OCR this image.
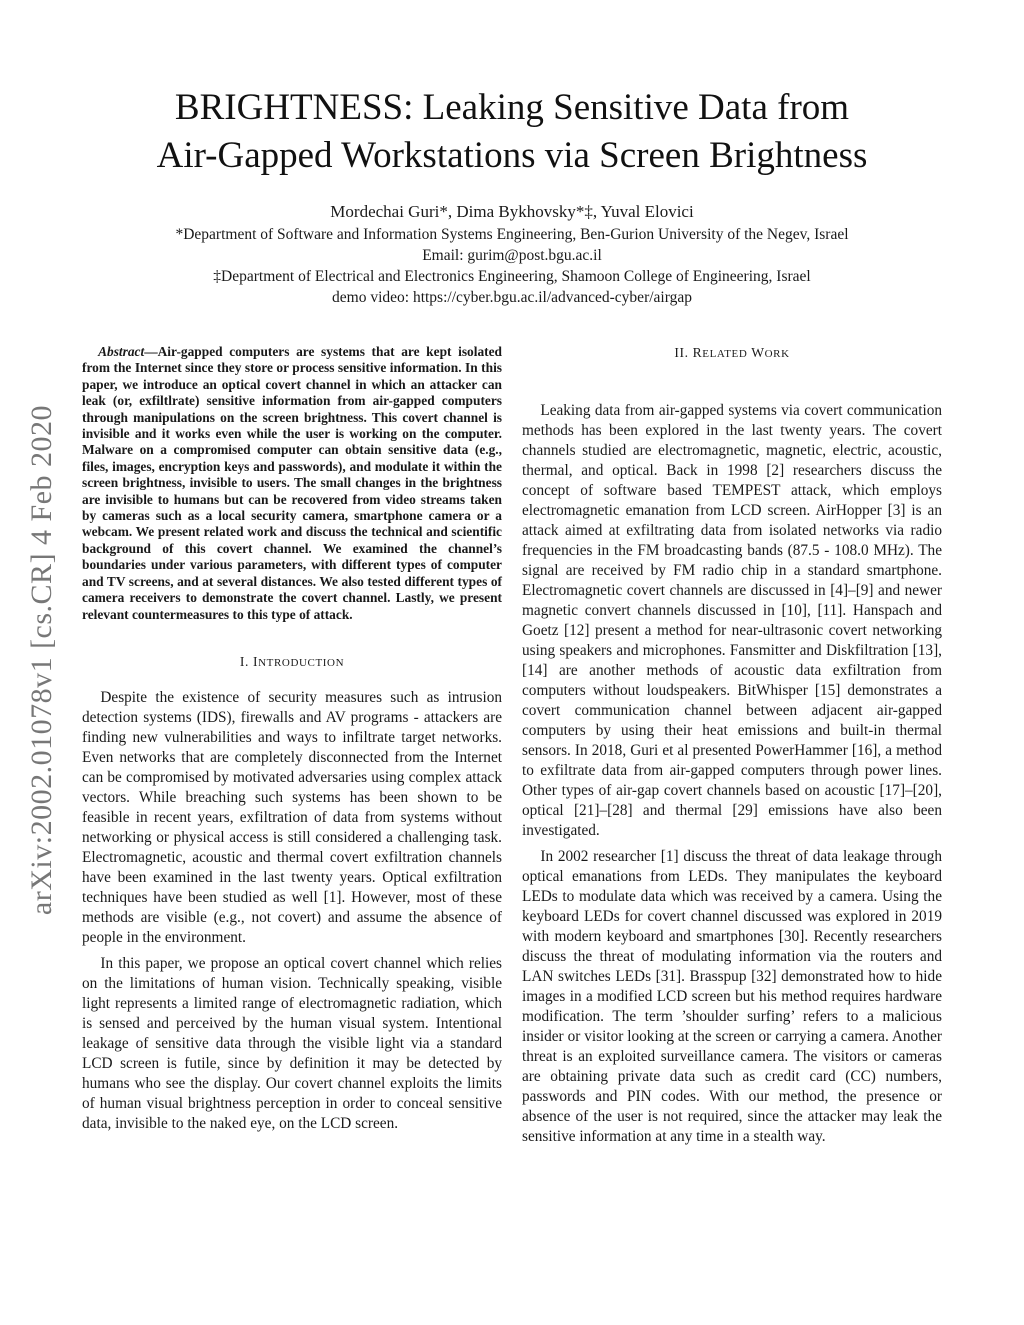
arXiv:2002.01078v1 [cs.CR] 4 Feb 2020
BRIGHTNESS: Leaking Sensitive Data from
Air-Gapped Workstations via Screen Brightness
Mordechai Guri*, Dima Bykhovsky*‡, Yuval Elovici
*Department of Software and Information Systems Engineering, Ben-Gurion University of the Negev, Israel
Email: gurim@post.bgu.ac.il
‡Department of Electrical and Electronics Engineering, Shamoon College of Engineering, Israel
demo video: https://cyber.bgu.ac.il/advanced-cyber/airgap

Abstract—Air-gapped computers are systems that are kept isolated from the Internet since they store or process sensitive information. In this paper, we introduce an optical covert channel in which an attacker can leak (or, exfiltlrate) sensitive information from air-gapped computers through manipulations on the screen brightness. This covert channel is invisible and it works even while the user is working on the computer. Malware on a compromised computer can obtain sensitive data (e.g., files, images, encryption keys and passwords), and modulate it within the screen brightness, invisible to users. The small changes in the brightness are invisible to humans but can be recovered from video streams taken by cameras such as a local security camera, smartphone camera or a webcam. We present related work and discuss the technical and scientific background of this covert channel. We examined the channel’s boundaries under various parameters, with different types of computer and TV screens, and at several distances. We also tested different types of camera receivers to demonstrate the covert channel. Lastly, we present relevant countermeasures to this type of attack.

I. INTRODUCTION

Despite the existence of security measures such as intrusion detection systems (IDS), firewalls and AV programs - attackers are finding new vulnerabilities and ways to infiltrate target networks. Even networks that are completely disconnected from the Internet can be compromised by motivated adversaries using complex attack vectors. While breaching such systems has been shown to be feasible in recent years, exfiltration of data from systems without networking or physical access is still considered a challenging task. Electromagnetic, acoustic and thermal covert exfiltration channels have been examined in the last twenty years. Optical exfiltration techniques have been studied as well [1]. However, most of these methods are visible (e.g., not covert) and assume the absence of people in the environment.

In this paper, we propose an optical covert channel which relies on the limitations of human vision. Technically speaking, visible light represents a limited range of electromagnetic radiation, which is sensed and perceived by the human visual system. Intentional leakage of sensitive data through the visible light via a standard LCD screen is futile, since by definition it may be detected by humans who see the display. Our covert channel exploits the limits of human visual brightness perception in order to conceal sensitive data, invisible to the naked eye, on the LCD screen.

II. RELATED WORK

Leaking data from air-gapped systems via covert communication methods has been explored in the last twenty years. The covert channels studied are electromagnetic, magnetic, electric, acoustic, thermal, and optical. Back in 1998 [2] researchers discuss the concept of software based TEMPEST attack, which employs electromagnetic emanation from LCD screen. AirHopper [3] is an attack aimed at exfiltrating data from isolated networks via radio frequencies in the FM broadcasting bands (87.5 - 108.0 MHz). The signal are received by FM radio chip in a standard smartphone. Electromagnetic covert channels are discussed in [4]–[9] and newer magnetic convert channels discussed in [10], [11]. Hanspach and Goetz [12] present a method for near-ultrasonic covert networking using speakers and microphones. Fansmitter and Diskfiltration [13], [14] are another methods of acoustic data exfiltration from computers without loudspeakers. BitWhisper [15] demonstrates a covert communication channel between adjacent air-gapped computers by using their heat emissions and built-in thermal sensors. In 2018, Guri et al presented PowerHammer [16], a method to exfiltrate data from air-gapped computers through power lines. Other types of air-gap covert channels based on acoustic [17]–[20], optical [21]–[28] and thermal [29] emissions have also been investigated.

In 2002 researcher [1] discuss the threat of data leakage through optical emanations from LEDs. They manipulates the keyboard LEDs to modulate data which was received by a camera. Using the keyboard LEDs for covert channel discussed was explored in 2019 with modern keyboard and smartphones [30]. Recently researchers discuss the threat of modulating information via the routers and LAN switches LEDs [31]. Brasspup [32] demonstrated how to hide images in a modified LCD screen but his method requires hardware modification. The term ’shoulder surfing’ refers to a malicious insider or visitor looking at the screen or carrying a camera. Another threat is an exploited surveillance camera. The visitors or cameras are obtaining private data such as credit card (CC) numbers, passwords and PIN codes. With our method, the presence or absence of the user is not required, since the attacker may leak the sensitive information at any time in a stealth way.
